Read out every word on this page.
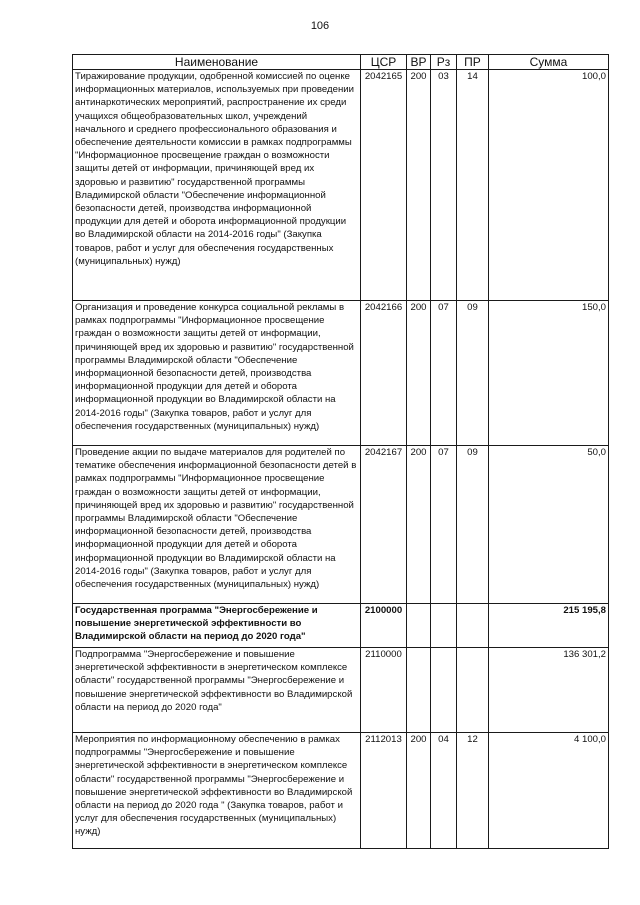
106
Наименование	ЦСР	ВР	Рз	ПР	Сумма
Тиражирование продукции, одобренной комиссией по оценке информационных материалов, используемых при проведении антинаркотических мероприятий, распространение их среди учащихся общеобразовательных школ, учреждений начального и среднего профессионального образования и обеспечение деятельности комиссии в рамках подпрограммы "Информационное просвещение граждан о возможности защиты детей от информации, причиняющей вред их здоровью и развитию" государственной программы Владимирской области "Обеспечение информационной безопасности детей, производства информационной продукции для детей и оборота информационной продукции во Владимирской области на 2014-2016 годы" (Закупка товаров, работ и услуг для обеспечения государственных (муниципальных) нужд)	2042165	200	03	14	100,0
Организация и проведение конкурса социальной рекламы в рамках подпрограммы "Информационное просвещение граждан о возможности защиты детей от информации, причиняющей вред их здоровью и развитию" государственной программы Владимирской области "Обеспечение информационной безопасности детей, производства информационной продукции для детей и оборота информационной продукции во Владимирской области на 2014-2016 годы" (Закупка товаров, работ и услуг для обеспечения государственных (муниципальных) нужд)	2042166	200	07	09	150,0
Проведение акции по выдаче материалов для родителей по тематике обеспечения информационной безопасности детей в рамках подпрограммы "Информационное просвещение граждан о возможности защиты детей от информации, причиняющей вред их здоровью и развитию" государственной программы Владимирской области "Обеспечение информационной безопасности детей, производства информационной продукции для детей и оборота информационной продукции во Владимирской области на 2014-2016 годы" (Закупка товаров, работ и услуг для обеспечения государственных (муниципальных) нужд)	2042167	200	07	09	50,0
Государственная программа "Энергосбережение и повышение энергетической эффективности во Владимирской области на период до 2020 года"	2100000				215 195,8
Подпрограмма "Энергосбережение и повышение энергетической эффективности в энергетическом комплексе области" государственной программы "Энергосбережение и повышение энергетической эффективности во Владимирской области на период до 2020 года"	2110000				136 301,2
Мероприятия по информационному обеспечению в рамках подпрограммы "Энергосбережение и повышение энергетической эффективности в энергетическом комплексе области" государственной программы "Энергосбережение и повышение энергетической эффективности во Владимирской области на период до 2020 года " (Закупка товаров, работ и услуг для обеспечения государственных (муниципальных) нужд)	2112013	200	04	12	4 100,0
